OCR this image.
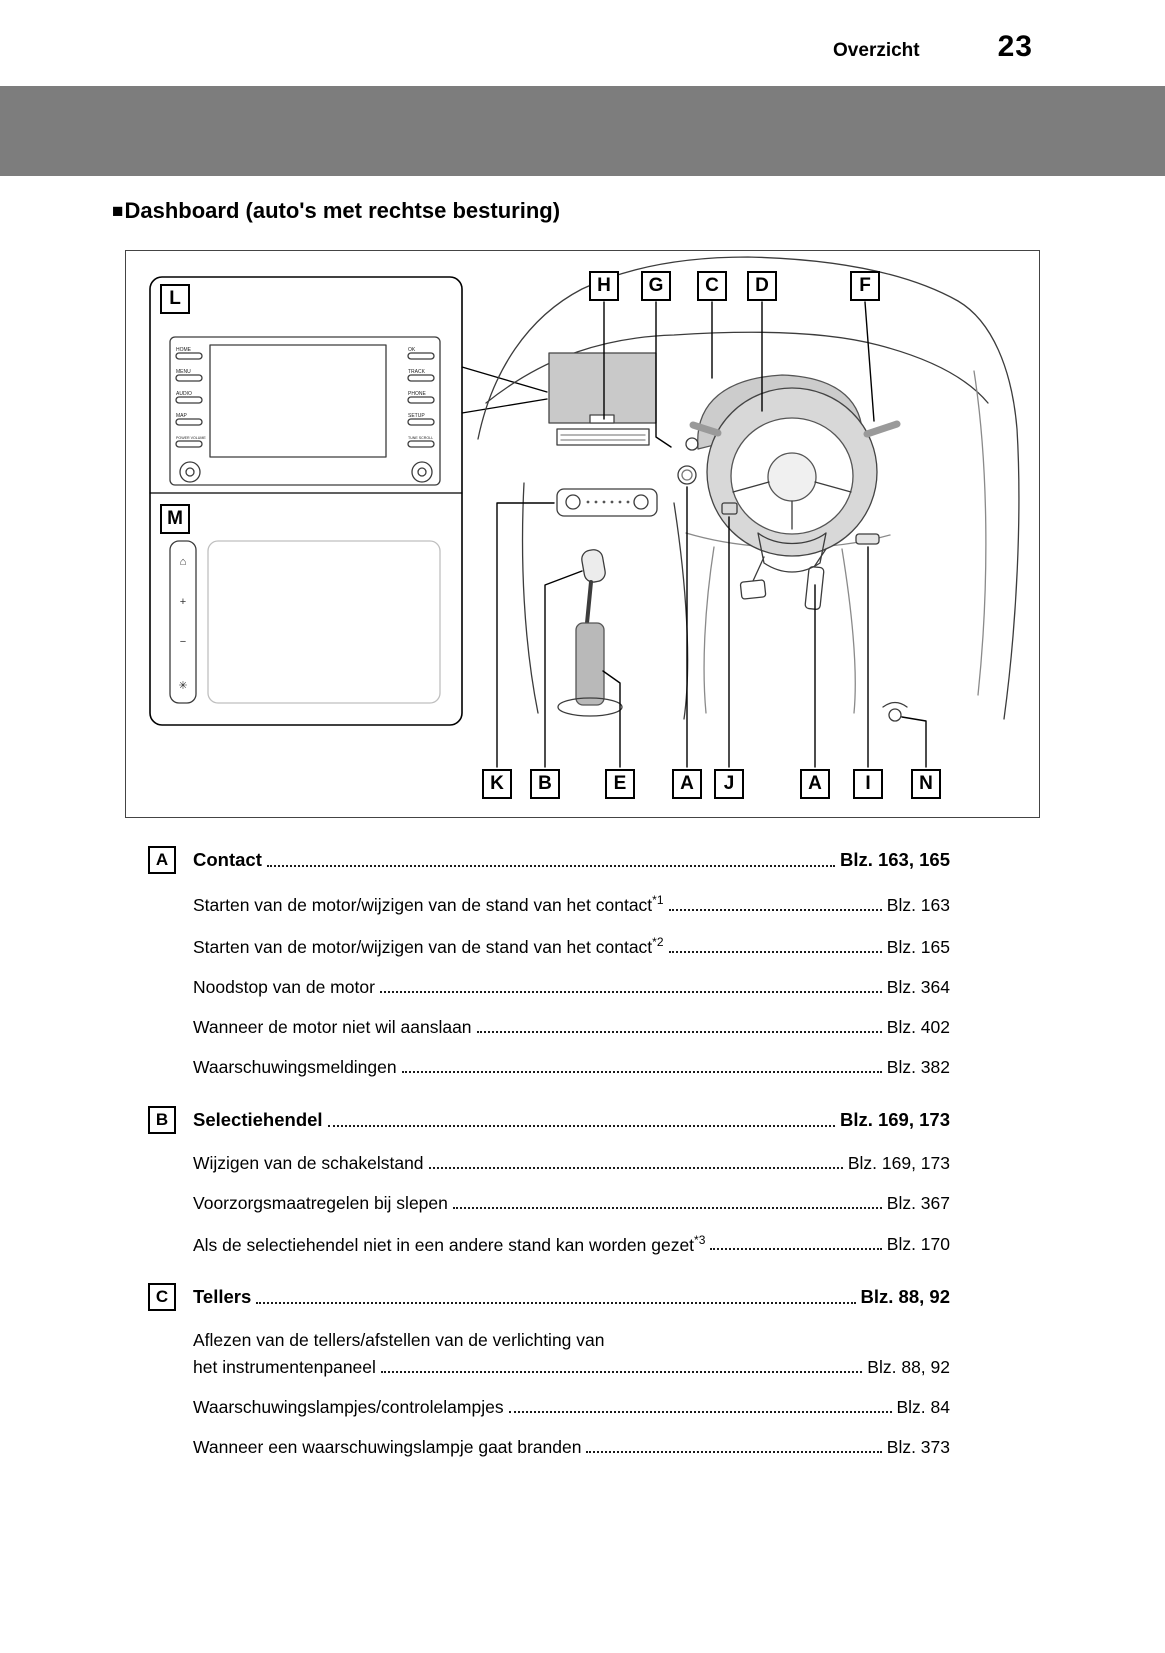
Overzicht	23
■ Dashboard (auto's met rechtse besturing)
HOME
MENU
AUDIO
MAP
POWER VOLUME
OK
TRACK
PHONE
SETUP
TUNE SCROLL
⌂
+
−
✳
L
M
H	G	C	D	F
K	B	E	A	J	A	I	N
A	Contact	Blz. 163, 165
Starten van de motor/wijzigen van de stand van het contact$^{*1}$	Blz. 163
Starten van de motor/wijzigen van de stand van het contact$^{*2}$	Blz. 165
Noodstop van de motor	Blz. 364
Wanneer de motor niet wil aanslaan	Blz. 402
Waarschuwingsmeldingen	Blz. 382
B	Selectiehendel	Blz. 169, 173
Wijzigen van de schakelstand	Blz. 169, 173
Voorzorgsmaatregelen bij slepen	Blz. 367
Als de selectiehendel niet in een andere stand kan worden gezet$^{*3}$	Blz. 170
C	Tellers	Blz. 88, 92
Aflezen van de tellers/afstellen van de verlichting van
het instrumentenpaneel	Blz. 88, 92
Waarschuwingslampjes/controlelampjes	Blz. 84
Wanneer een waarschuwingslampje gaat branden	Blz. 373
